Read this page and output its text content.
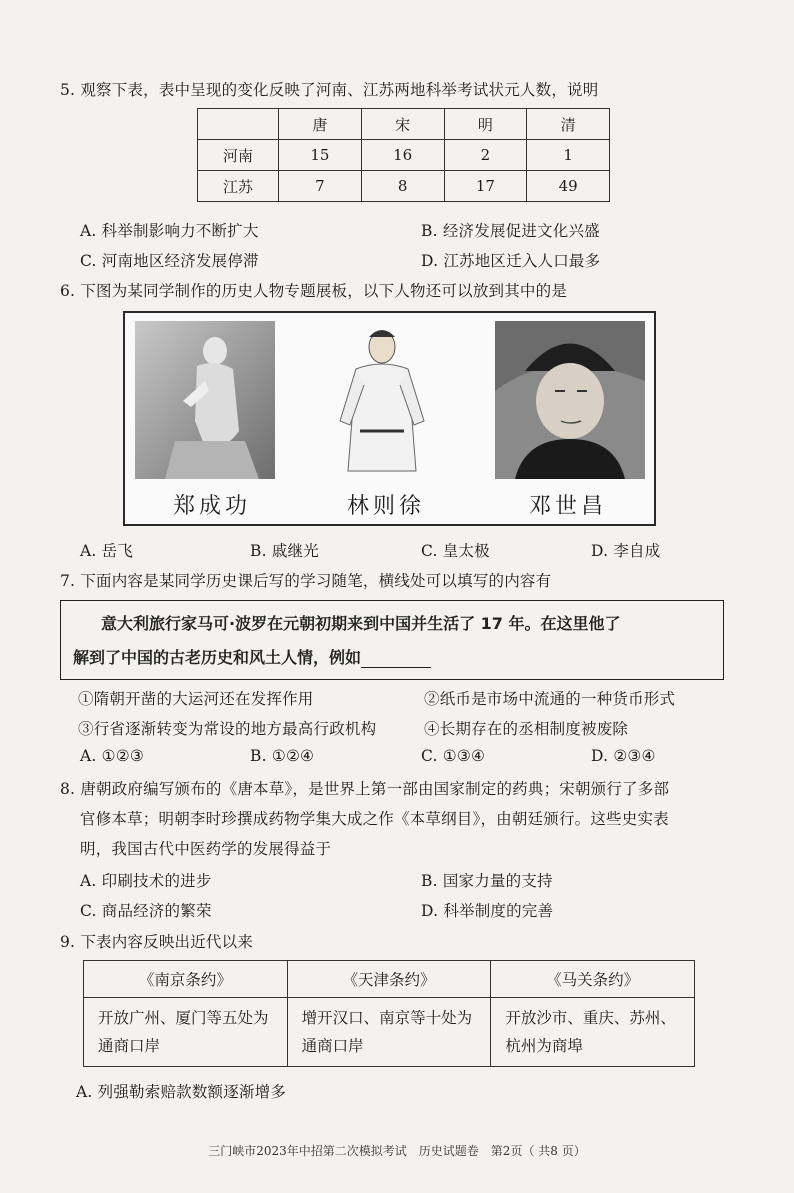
5. 观察下表，表中呈现的变化反映了河南、江苏两地科举考试状元人数，说明
	唐	宋	明	清
河南	15	16	2	1
江苏	7	8	17	49
A. 科举制影响力不断扩大	B. 经济发展促进文化兴盛
C. 河南地区经济发展停滞	D. 江苏地区迁入人口最多
6. 下图为某同学制作的历史人物专题展板，以下人物还可以放到其中的是
郑成功	林则徐	邓世昌
A. 岳飞	B. 戚继光	C. 皇太极	D. 李自成
7. 下面内容是某同学历史课后写的学习随笔，横线处可以填写的内容有
意大利旅行家马可·波罗在元朝初期来到中国并生活了 17 年。在这里他了
解到了中国的古老历史和风土人情，例如
①隋朝开凿的大运河还在发挥作用	②纸币是市场中流通的一种货币形式
③行省逐渐转变为常设的地方最高行政机构	④长期存在的丞相制度被废除
A. ①②③	B. ①②④	C. ①③④	D. ②③④
8. 唐朝政府编写颁布的《唐本草》，是世界上第一部由国家制定的药典；宋朝颁行了多部
官修本草；明朝李时珍撰成药物学集大成之作《本草纲目》，由朝廷颁行。这些史实表
明，我国古代中医药学的发展得益于
A. 印刷技术的进步	B. 国家力量的支持
C. 商品经济的繁荣	D. 科举制度的完善
9. 下表内容反映出近代以来
《南京条约》	《天津条约》	《马关条约》
开放广州、厦门等五处为通商口岸	增开汉口、南京等十处为通商口岸	开放沙市、重庆、苏州、杭州为商埠
A. 列强勒索赔款数额逐渐增多
三门峡市2023年中招第二次模拟考试　历史试题卷　第2页（ 共8 页）
